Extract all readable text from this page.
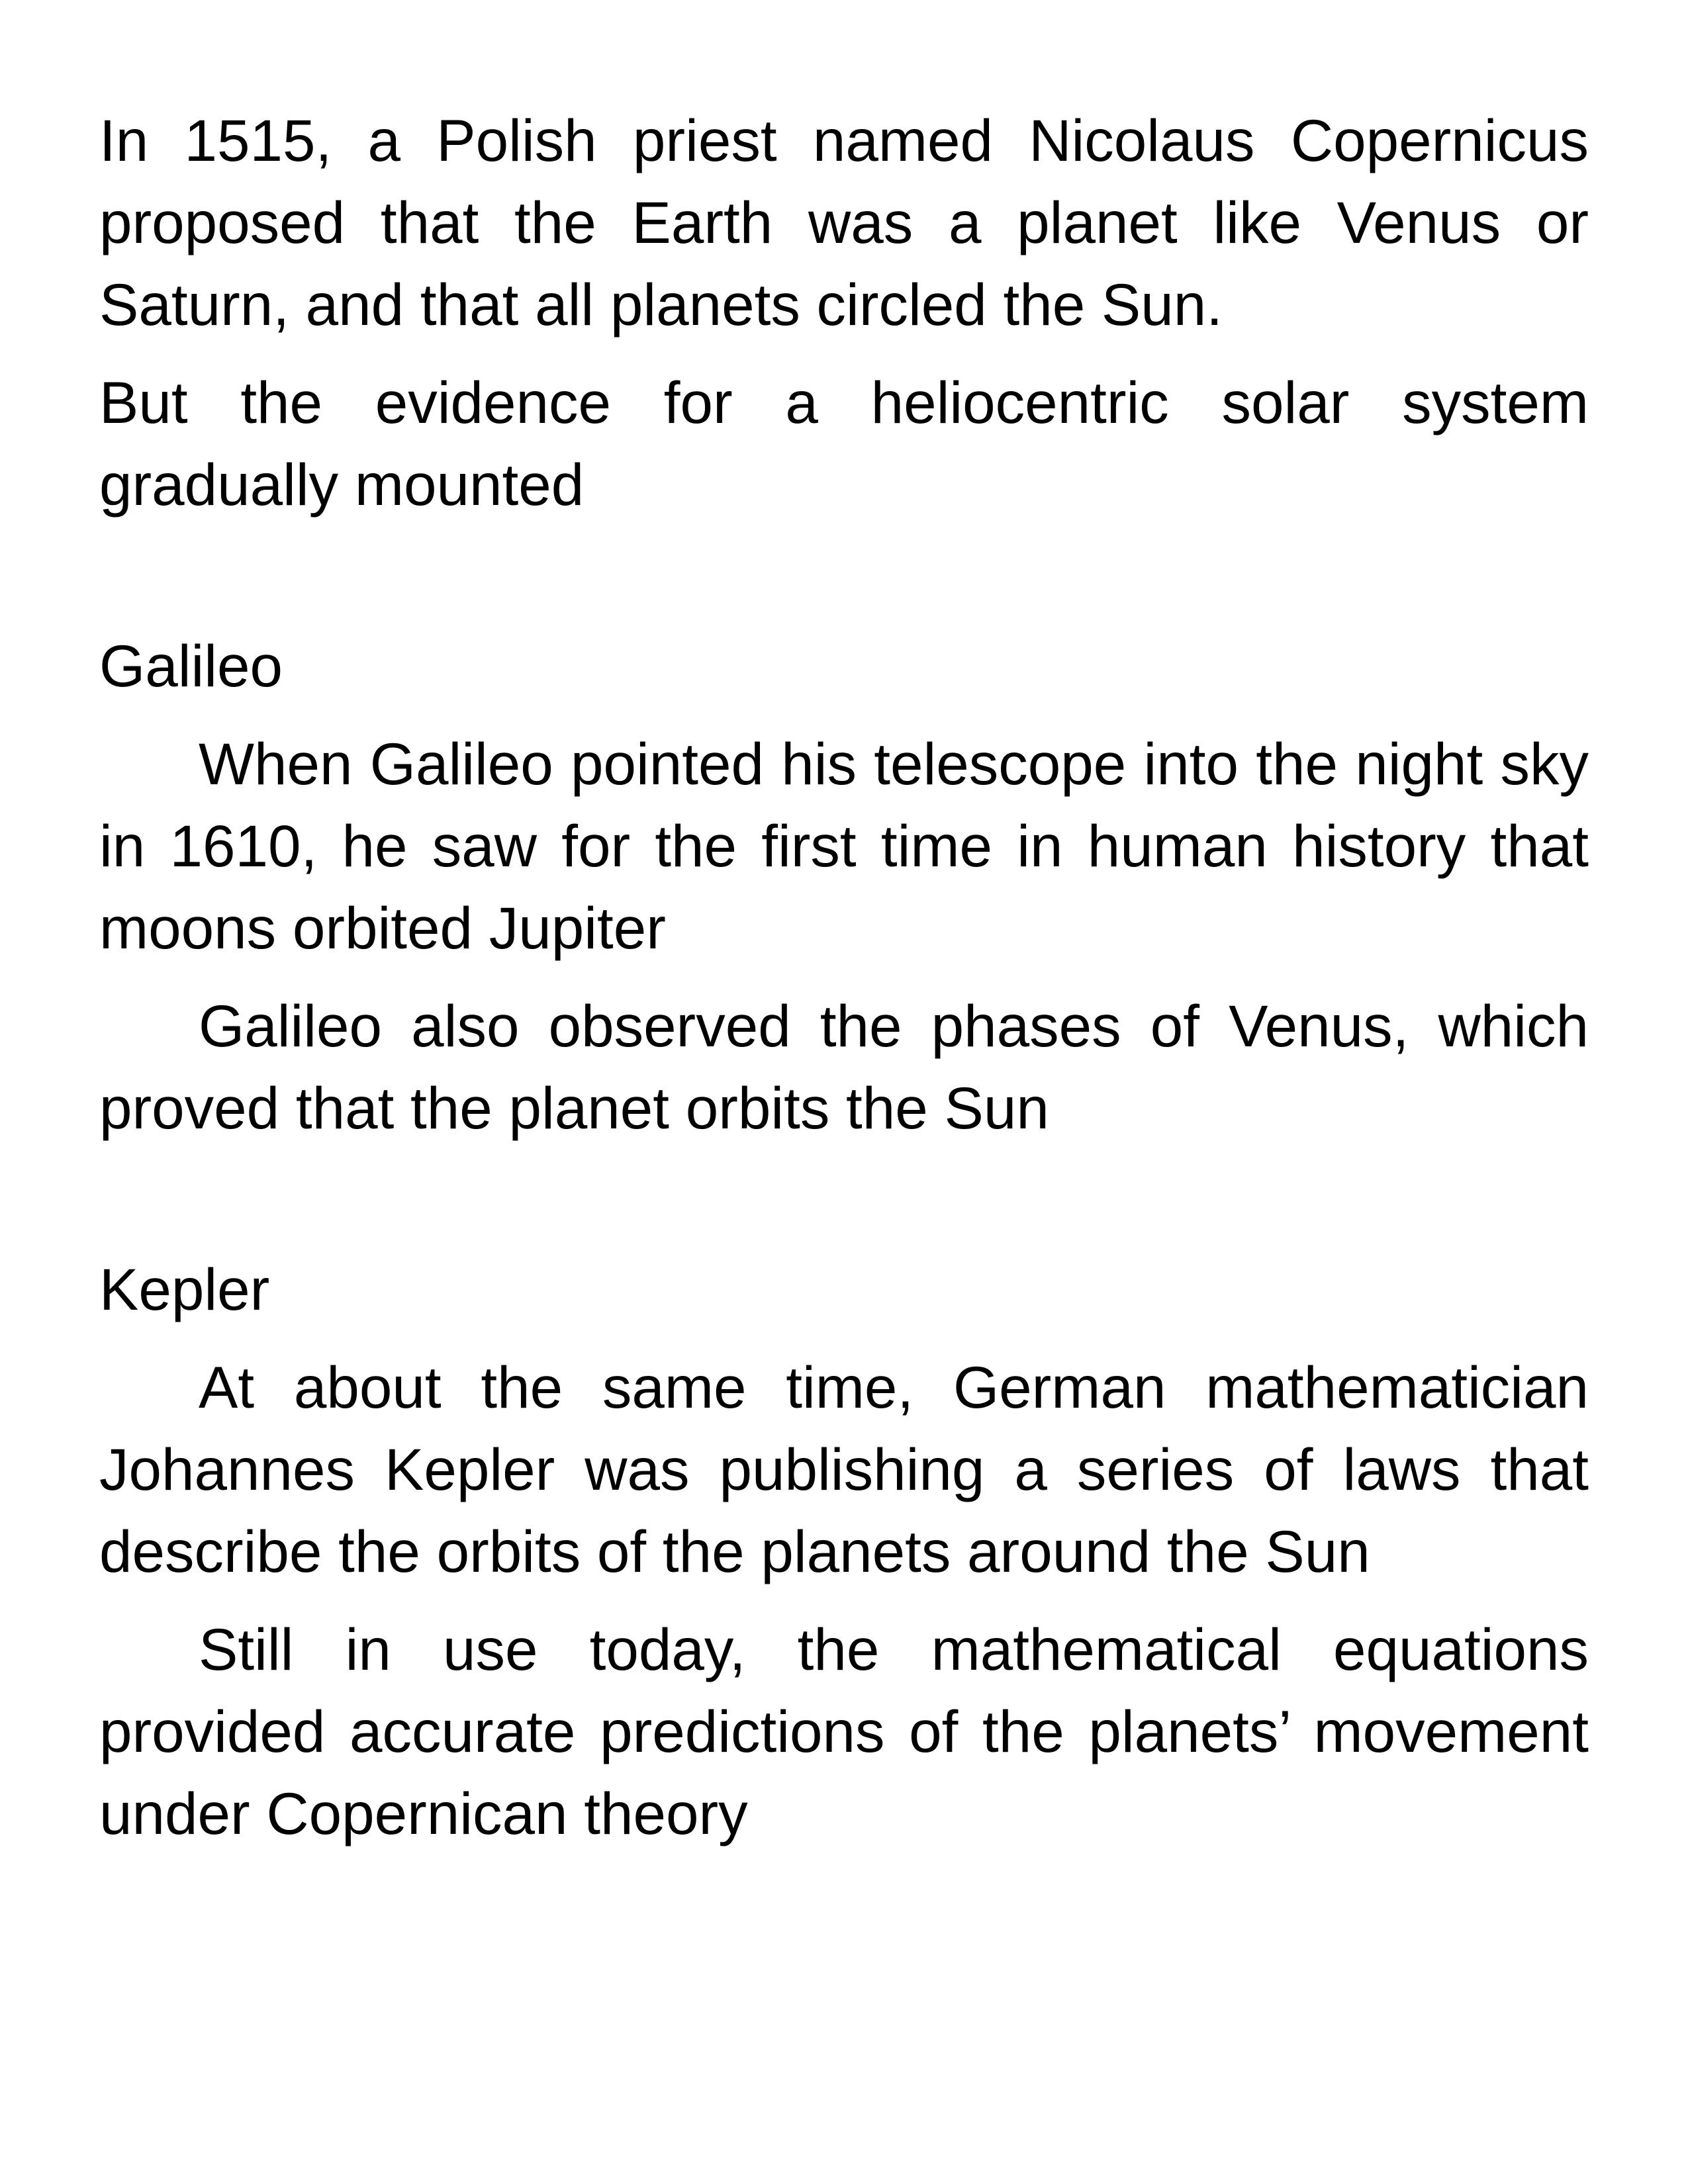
In 1515, a Polish priest named Nicolaus Copernicus proposed that the Earth was a planet like Venus or Saturn, and that all planets circled the Sun.

But the evidence for a heliocentric solar system gradually mounted

Galileo

When Galileo pointed his telescope into the night sky in 1610, he saw for the first time in human history that moons orbited Jupiter

Galileo also observed the phases of Venus, which proved that the planet orbits the Sun

Kepler

At about the same time, German mathematician Johannes Kepler was publishing a series of laws that describe the orbits of the planets around the Sun

Still in use today, the mathematical equations provided accurate predictions of the planets’ movement under Copernican theory
